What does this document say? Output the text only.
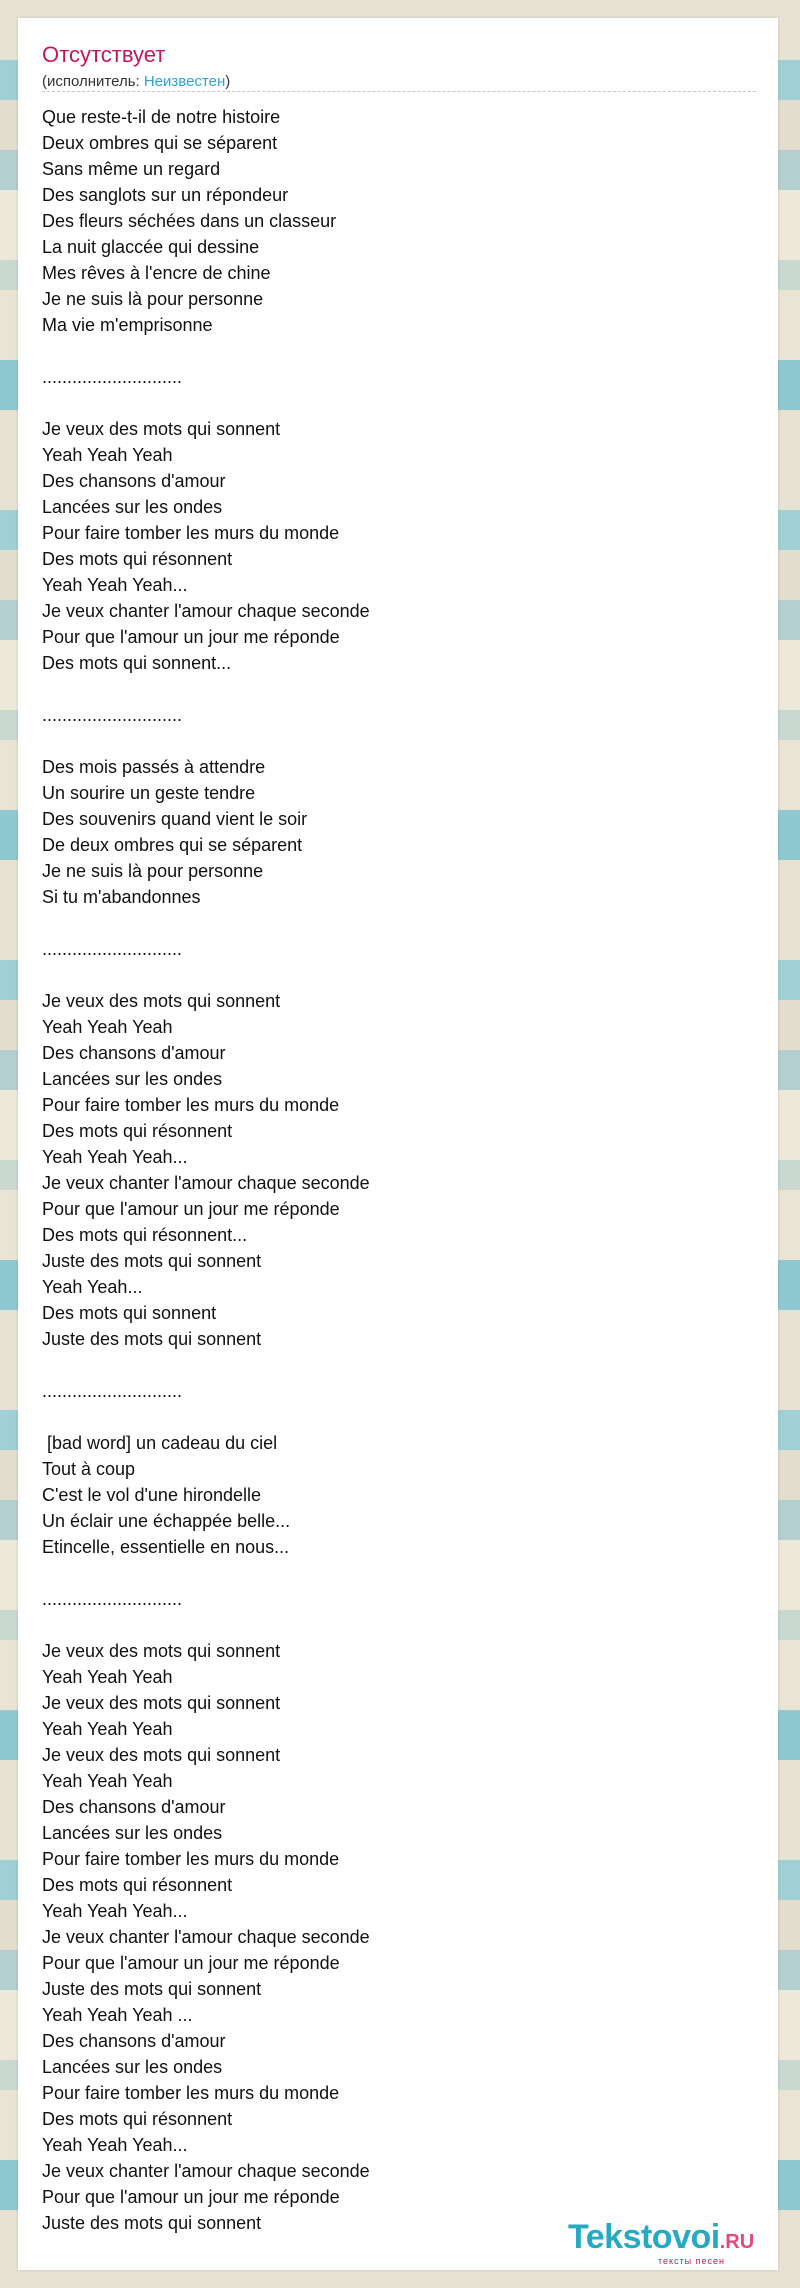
Отсутствует
(исполнитель: Неизвестен)
Que reste-t-il de notre histoire
Deux ombres qui se séparent
Sans même un regard
Des sanglots sur un répondeur
Des fleurs séchées dans un classeur
La nuit glaccée qui dessine
Mes rêves à l'encre de chine
Je ne suis là pour personne
Ma vie m'emprisonne
............................
Je veux des mots qui sonnent
Yeah Yeah Yeah
Des chansons d'amour
Lancées sur les ondes
Pour faire tomber les murs du monde
Des mots qui résonnent
Yeah Yeah Yeah...
Je veux chanter l'amour chaque seconde
Pour que l'amour un jour me réponde
Des mots qui sonnent...
............................
Des mois passés à attendre
Un sourire un geste tendre
Des souvenirs quand vient le soir
De deux ombres qui se séparent
Je ne suis là pour personne
Si tu m'abandonnes
............................
Je veux des mots qui sonnent
Yeah Yeah Yeah
Des chansons d'amour
Lancées sur les ondes
Pour faire tomber les murs du monde
Des mots qui résonnent
Yeah Yeah Yeah...
Je veux chanter l'amour chaque seconde
Pour que l'amour un jour me réponde
Des mots qui résonnent...
Juste des mots qui sonnent
Yeah Yeah...
Des mots qui sonnent
Juste des mots qui sonnent
............................
[bad word] un cadeau du ciel
Tout à coup
C'est le vol d'une hirondelle
Un éclair une échappée belle...
Etincelle, essentielle en nous...
............................
Je veux des mots qui sonnent
Yeah Yeah Yeah
Je veux des mots qui sonnent
Yeah Yeah Yeah
Je veux des mots qui sonnent
Yeah Yeah Yeah
Des chansons d'amour
Lancées sur les ondes
Pour faire tomber les murs du monde
Des mots qui résonnent
Yeah Yeah Yeah...
Je veux chanter l'amour chaque seconde
Pour que l'amour un jour me réponde
Juste des mots qui sonnent
Yeah Yeah Yeah ...
Des chansons d'amour
Lancées sur les ondes
Pour faire tomber les murs du monde
Des mots qui résonnent
Yeah Yeah Yeah...
Je veux chanter l'amour chaque seconde
Pour que l'amour un jour me réponde
Juste des mots qui sonnent	Tekstovoi.RU
тексты песен
